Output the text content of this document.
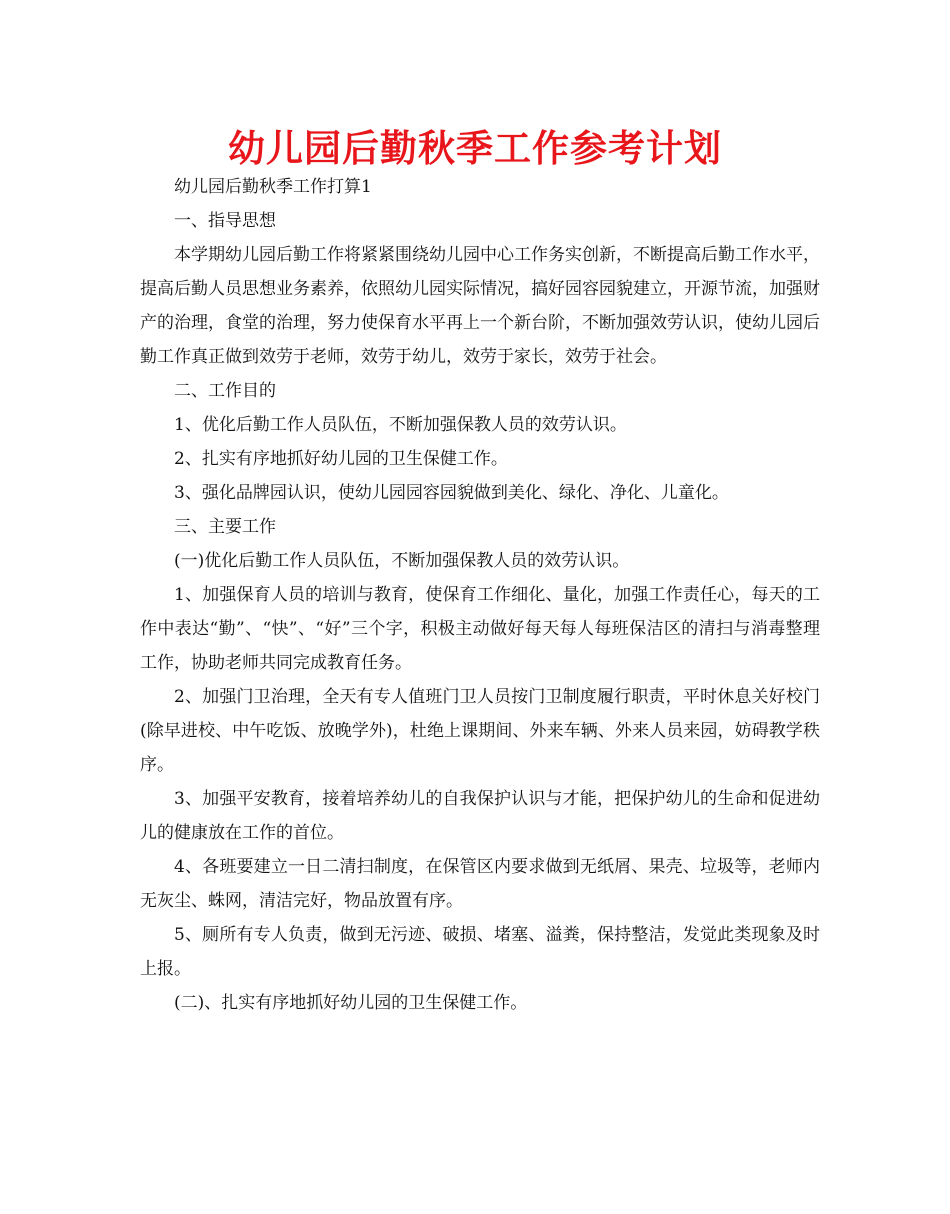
幼儿园后勤秋季工作参考计划

幼儿园后勤秋季工作打算1

一、指导思想

本学期幼儿园后勤工作将紧紧围绕幼儿园中心工作务实创新，不断提高后勤工作水平，提高后勤人员思想业务素养，依照幼儿园实际情况，搞好园容园貌建立，开源节流，加强财产的治理，食堂的治理，努力使保育水平再上一个新台阶，不断加强效劳认识，使幼儿园后勤工作真正做到效劳于老师，效劳于幼儿，效劳于家长，效劳于社会。

二、工作目的

1、优化后勤工作人员队伍，不断加强保教人员的效劳认识。

2、扎实有序地抓好幼儿园的卫生保健工作。

3、强化品牌园认识，使幼儿园园容园貌做到美化、绿化、净化、儿童化。

三、主要工作

(一)优化后勤工作人员队伍，不断加强保教人员的效劳认识。

1、加强保育人员的培训与教育，使保育工作细化、量化，加强工作责任心，每天的工作中表达“勤”、“快”、“好”三个字，积极主动做好每天每人每班保洁区的清扫与消毒整理工作，协助老师共同完成教育任务。

2、加强门卫治理，全天有专人值班门卫人员按门卫制度履行职责，平时休息关好校门(除早进校、中午吃饭、放晚学外)，杜绝上课期间、外来车辆、外来人员来园，妨碍教学秩序。

3、加强平安教育，接着培养幼儿的自我保护认识与才能，把保护幼儿的生命和促进幼儿的健康放在工作的首位。

4、各班要建立一日二清扫制度，在保管区内要求做到无纸屑、果壳、垃圾等，老师内无灰尘、蛛网，清洁完好，物品放置有序。

5、厕所有专人负责，做到无污迹、破损、堵塞、溢粪，保持整洁，发觉此类现象及时上报。

(二)、扎实有序地抓好幼儿园的卫生保健工作。
